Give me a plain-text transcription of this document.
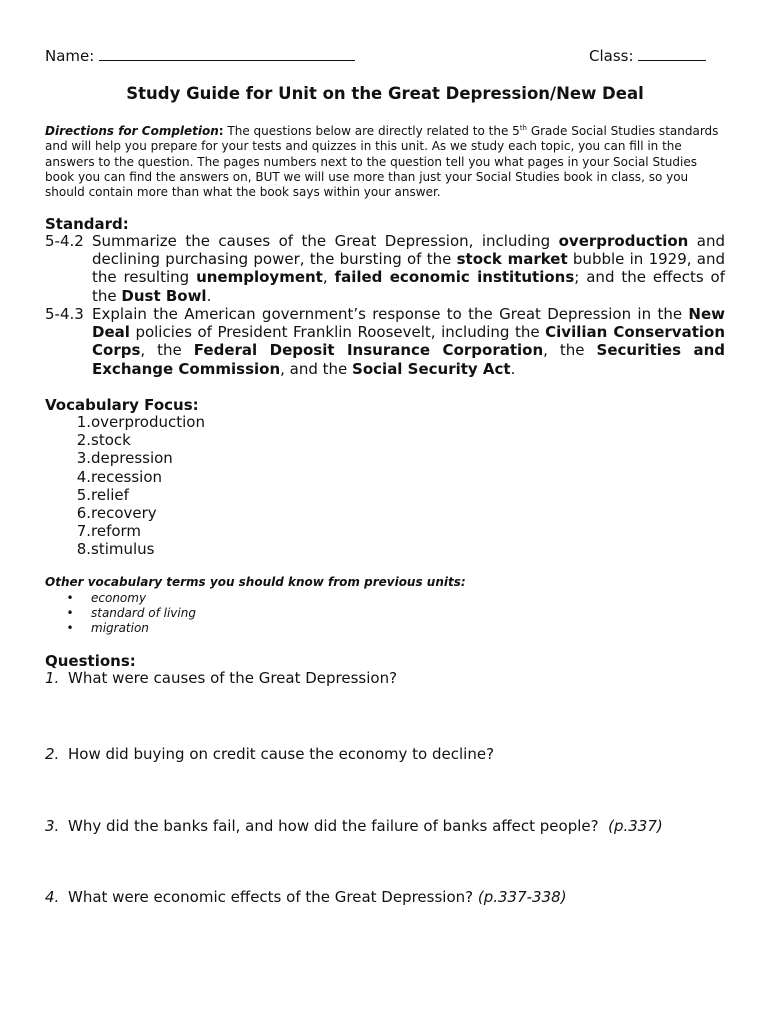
Name:	Class:
Study Guide for Unit on the Great Depression/New Deal
Directions for Completion: The questions below are directly related to the 5th Grade Social Studies standards and will help you prepare for your tests and quizzes in this unit. As we study each topic, you can fill in the answers to the question. The pages numbers next to the question tell you what pages in your Social Studies book you can find the answers on, BUT we will use more than just your Social Studies book in class, so you should contain more than what the book says within your answer.
Standard:
5-4.2 Summarize the causes of the Great Depression, including overproduction and declining purchasing power, the bursting of the stock market bubble in 1929, and the resulting unemployment, failed economic institutions; and the effects of the Dust Bowl.
5-4.3 Explain the American government’s response to the Great Depression in the New Deal policies of President Franklin Roosevelt, including the Civilian Conservation Corps, the Federal Deposit Insurance Corporation, the Securities and Exchange Commission, and the Social Security Act.
Vocabulary Focus:
1. overproduction
2. stock
3. depression
4. recession
5. relief
6. recovery
7. reform
8. stimulus
Other vocabulary terms you should know from previous units:
•	economy
•	standard of living
•	migration
Questions:
1. What were causes of the Great Depression?
2. How did buying on credit cause the economy to decline?
3. Why did the banks fail, and how did the failure of banks affect people?  (p.337)
4. What were economic effects of the Great Depression? (p.337-338)
